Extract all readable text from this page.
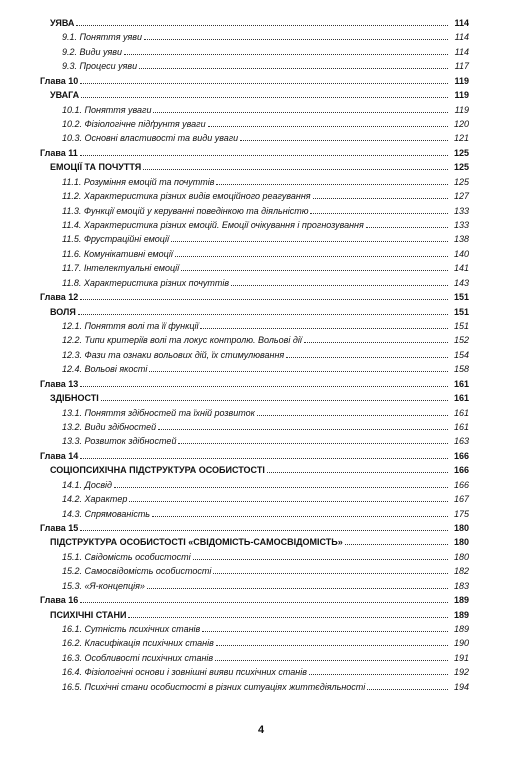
УЯВА	114
9.1. Поняття уяви	114
9.2. Види уяви	114
9.3. Процеси уяви	117
Глава 10	119
УВАГА	119
10.1. Поняття уваги	119
10.2. Фізіологічне підґрунтя уваги	120
10.3. Основні властивості та види уваги	121
Глава 11	125
ЕМОЦІЇ ТА ПОЧУТТЯ	125
11.1. Розуміння емоцій та почуттів	125
11.2. Характеристика різних видів емоційного реагування	127
11.3. Функції емоцій у керуванні поведінкою та діяльністю	133
11.4. Характеристика різних емоцій. Емоції очікування і прогнозування	133
11.5. Фрустраційні емоції	138
11.6. Комунікативні емоції	140
11.7. Інтелектуальні емоції	141
11.8. Характеристика різних почуттів	143
Глава 12	151
ВОЛЯ	151
12.1. Поняття волі та її функції	151
12.2. Типи критеріїв волі та локус контролю. Вольові дії	152
12.3. Фази та ознаки вольових дій, їх стимулювання	154
12.4. Вольові якості	158
Глава 13	161
ЗДІБНОСТІ	161
13.1. Поняття здібностей та їхній розвиток	161
13.2. Види здібностей	161
13.3. Розвиток здібностей	163
Глава 14	166
СОЦІОПСИХІЧНА ПІДСТРУКТУРА ОСОБИСТОСТІ	166
14.1. Досвід	166
14.2. Характер	167
14.3. Спрямованість	175
Глава 15	180
ПІДСТРУКТУРА ОСОБИСТОСТІ «СВІДОМІСТЬ-САМОСВІДОМІСТЬ»	180
15.1. Свідомість особистості	180
15.2. Самосвідомість особистості	182
15.3. «Я-концепція»	183
Глава 16	189
ПСИХІЧНІ СТАНИ	189
16.1. Сутність психічних станів	189
16.2. Класифікація психічних станів	190
16.3. Особливості психічних станів	191
16.4. Фізіологічні основи і зовнішні вияви психічних станів	192
16.5. Психічні стани особистості в різних ситуаціях життєдіяльності	194
4
